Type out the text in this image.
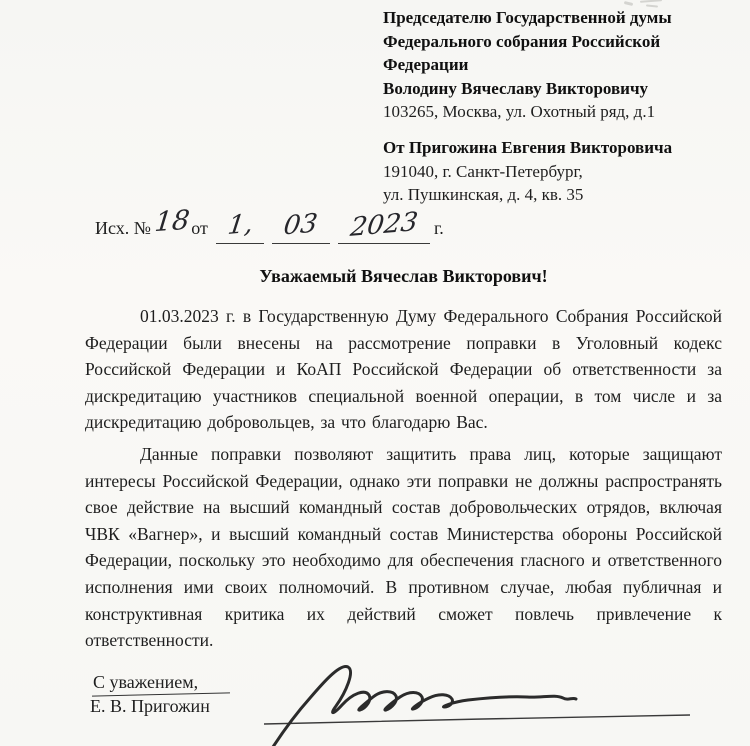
Председателю Государственной думы
Федерального собрания Российской
Федерации
Володину Вячеславу Викторовичу
103265, Москва, ул. Охотный ряд, д.1
От Пригожина Евгения Викторовича
191040, г. Санкт-Петербург,
ул. Пушкинская, д. 4, кв. 35
Исх. №18от 1, 03 2023 г.
Уважаемый Вячеслав Викторович!

01.03.2023 г. в Государственную Думу Федерального Собрания Российской Федерации были внесены на рассмотрение поправки в Уголовный кодекс Российской Федерации и КоАП Российской Федерации об ответственности за дискредитацию участников специальной военной операции, в том числе и за дискредитацию добровольцев, за что благодарю Вас.

Данные поправки позволяют защитить права лиц, которые защищают интересы Российской Федерации, однако эти поправки не должны распространять свое действие на высший командный состав добровольческих отрядов, включая ЧВК «Вагнер», и высший командный состав Министерства обороны Российской Федерации, поскольку это необходимо для обеспечения гласного и ответственного исполнения ими своих полномочий. В противном случае, любая публичная и конструктивная критика их действий сможет повлечь привлечение к ответственности.

С уважением,
Е. В. Пригожин
